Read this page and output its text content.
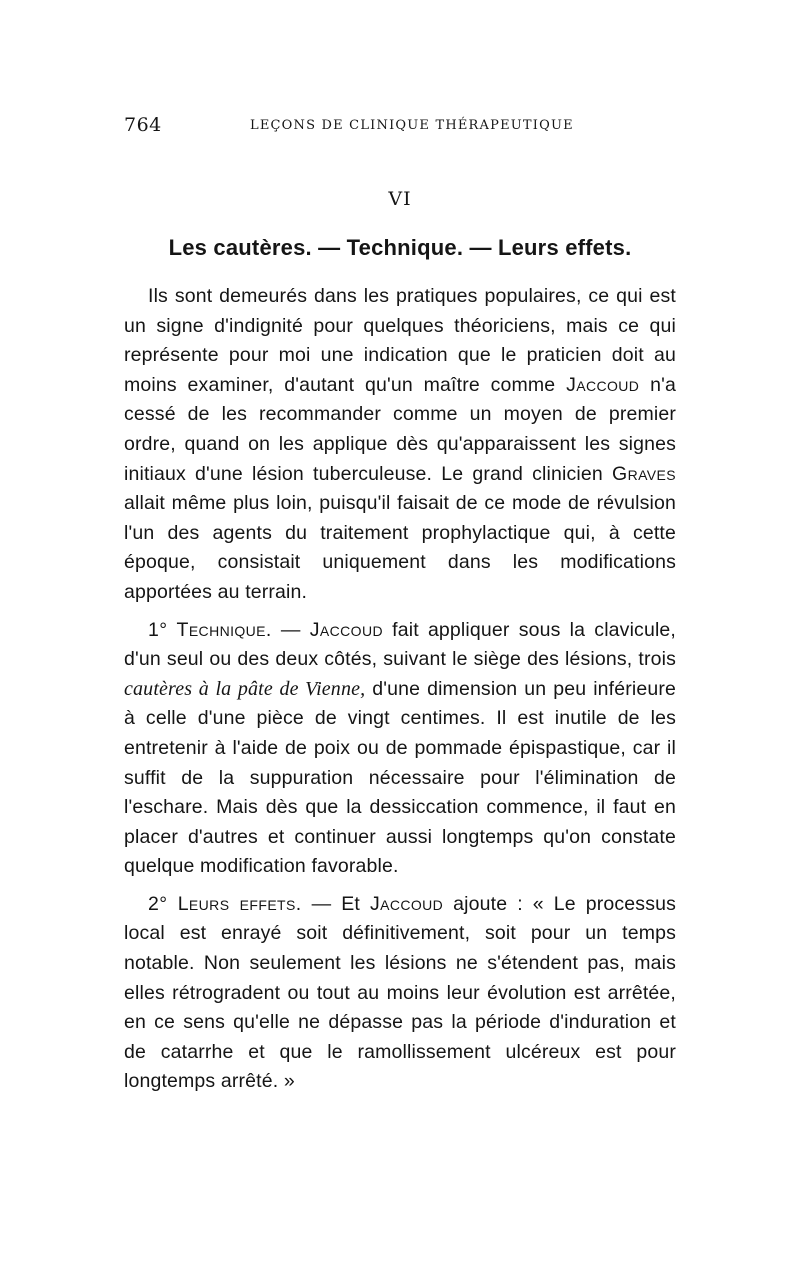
764	LEÇONS DE CLINIQUE THÉRAPEUTIQUE
VI
Les cautères. — Technique. — Leurs effets.

Ils sont demeurés dans les pratiques populaires, ce qui est un signe d'indignité pour quelques théoriciens, mais ce qui représente pour moi une indication que le praticien doit au moins examiner, d'autant qu'un maître comme Jaccoud n'a cessé de les recommander comme un moyen de premier ordre, quand on les applique dès qu'apparaissent les signes initiaux d'une lésion tuberculeuse. Le grand clinicien Graves allait même plus loin, puisqu'il faisait de ce mode de révulsion l'un des agents du traitement prophylactique qui, à cette époque, consistait uniquement dans les modifications apportées au terrain.

1° Technique. — Jaccoud fait appliquer sous la clavicule, d'un seul ou des deux côtés, suivant le siège des lésions, trois cautères à la pâte de Vienne, d'une dimension un peu inférieure à celle d'une pièce de vingt centimes. Il est inutile de les entretenir à l'aide de poix ou de pommade épispastique, car il suffit de la suppuration nécessaire pour l'élimination de l'eschare. Mais dès que la dessiccation commence, il faut en placer d'autres et continuer aussi longtemps qu'on constate quelque modification favorable.

2° Leurs effets. — Et Jaccoud ajoute : « Le processus local est enrayé soit définitivement, soit pour un temps notable. Non seulement les lésions ne s'étendent pas, mais elles rétrogradent ou tout au moins leur évolution est arrêtée, en ce sens qu'elle ne dépasse pas la période d'induration et de catarrhe et que le ramollissement ulcéreux est pour longtemps arrêté. »
